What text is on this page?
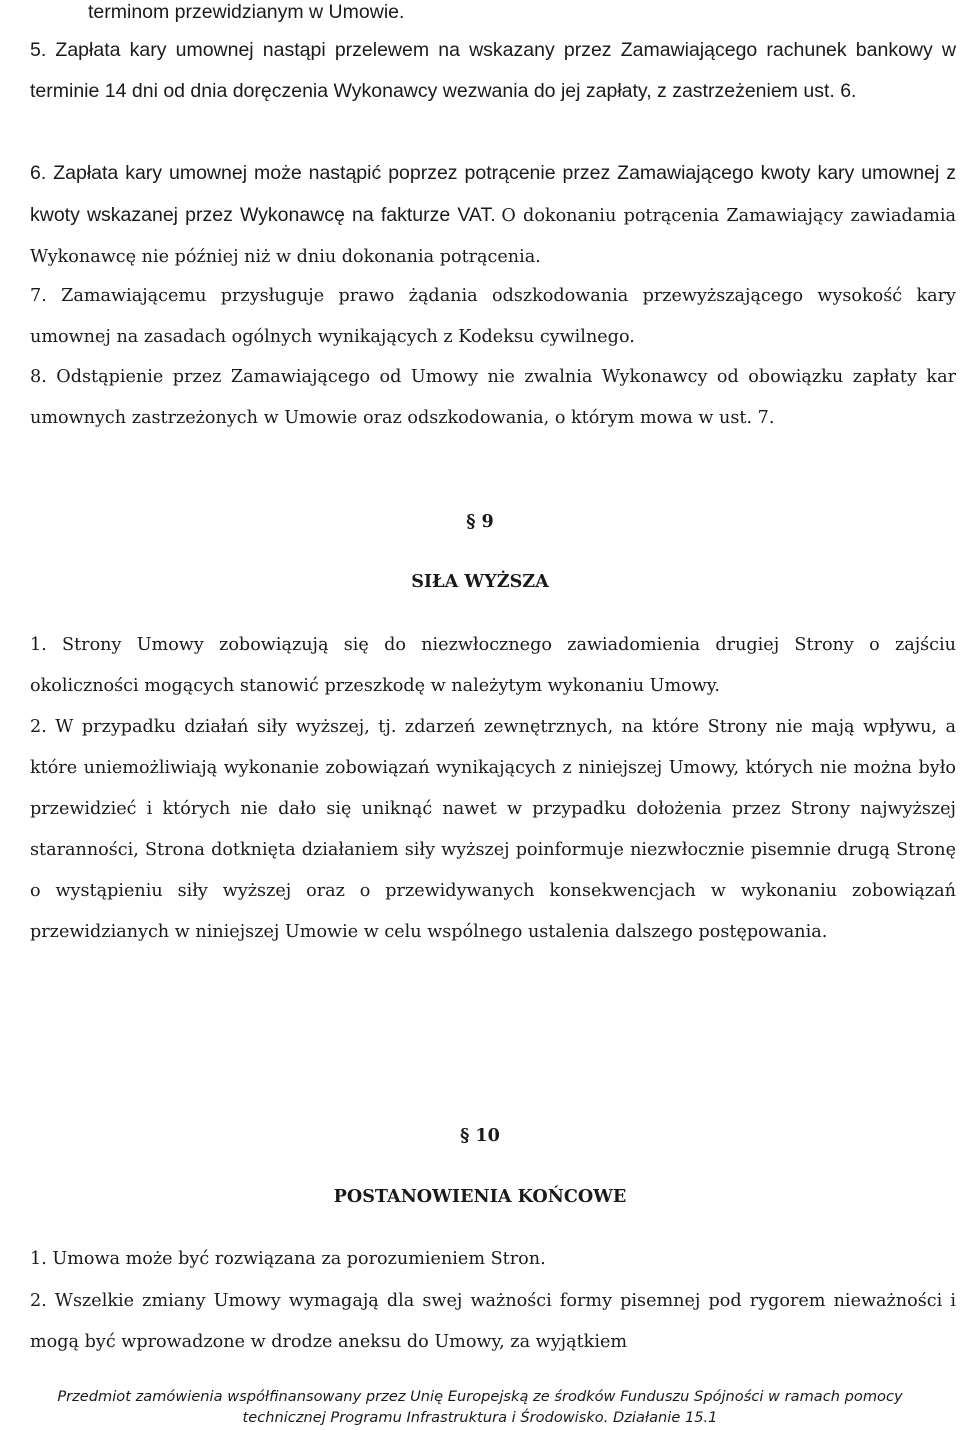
terminom przewidzianym w Umowie.

5. Zapłata kary umownej nastąpi przelewem na wskazany przez Zamawiającego rachunek bankowy w terminie 14 dni od dnia doręczenia Wykonawcy wezwania do jej zapłaty, z zastrzeżeniem ust. 6.

6. Zapłata kary umownej może nastąpić poprzez potrącenie przez Zamawiającego kwoty kary umownej z kwoty wskazanej przez Wykonawcę na fakturze VAT. O dokonaniu potrącenia Zamawiający zawiadamia Wykonawcę nie później niż w dniu dokonania potrącenia.

7. Zamawiającemu przysługuje prawo żądania odszkodowania przewyższającego wysokość kary umownej na zasadach ogólnych wynikających z Kodeksu cywilnego.

8. Odstąpienie przez Zamawiającego od Umowy nie zwalnia Wykonawcy od obowiązku zapłaty kar umownych zastrzeżonych w Umowie oraz odszkodowania, o którym mowa w ust. 7.

§ 9
SIŁA WYŻSZA

1. Strony Umowy zobowiązują się do niezwłocznego zawiadomienia drugiej Strony o zajściu okoliczności mogących stanowić przeszkodę w należytym wykonaniu Umowy.

2. W przypadku działań siły wyższej, tj. zdarzeń zewnętrznych, na które Strony nie mają wpływu, a które uniemożliwiają wykonanie zobowiązań wynikających z niniejszej Umowy, których nie można było przewidzieć i których nie dało się uniknąć nawet w przypadku dołożenia przez Strony najwyższej staranności, Strona dotknięta działaniem siły wyższej poinformuje niezwłocznie pisemnie drugą Stronę o wystąpieniu siły wyższej oraz o przewidywanych konsekwencjach w wykonaniu zobowiązań przewidzianych w niniejszej Umowie w celu wspólnego ustalenia dalszego postępowania.

§ 10
POSTANOWIENIA KOŃCOWE

1. Umowa może być rozwiązana za porozumieniem Stron.

2. Wszelkie zmiany Umowy wymagają dla swej ważności formy pisemnej pod rygorem nieważności i mogą być wprowadzone w drodze aneksu do Umowy, za wyjątkiem

Przedmiot zamówienia współfinansowany przez Unię Europejską ze środków Funduszu Spójności w ramach pomocy
technicznej Programu Infrastruktura i Środowisko. Działanie 15.1
